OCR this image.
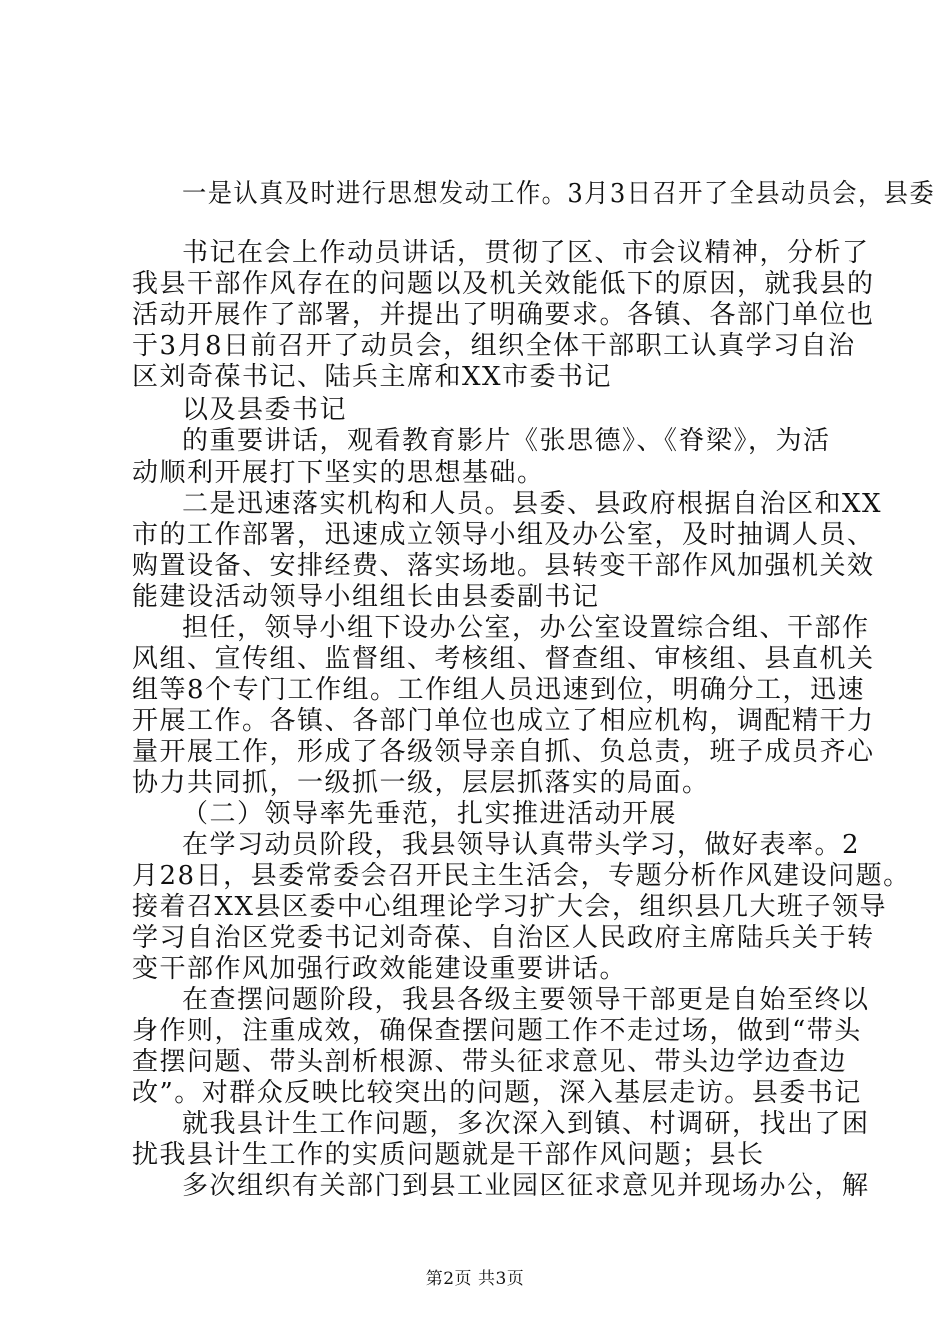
一是认真及时进行思想发动工作。3月3日召开了全县动员会，县委
书记在会上作动员讲话，贯彻了区、市会议精神，分析了
我县干部作风存在的问题以及机关效能低下的原因，就我县的
活动开展作了部署，并提出了明确要求。各镇、各部门单位也
于3月8日前召开了动员会，组织全体干部职工认真学习自治
区刘奇葆书记、陆兵主席和XX市委书记
以及县委书记
的重要讲话，观看教育影片《张思德》、《脊梁》，为活
动顺利开展打下坚实的思想基础。
二是迅速落实机构和人员。县委、县政府根据自治区和XX
市的工作部署，迅速成立领导小组及办公室，及时抽调人员、
购置设备、安排经费、落实场地。县转变干部作风加强机关效
能建设活动领导小组组长由县委副书记
担任，领导小组下设办公室，办公室设置综合组、干部作
风组、宣传组、监督组、考核组、督查组、审核组、县直机关
组等8个专门工作组。工作组人员迅速到位，明确分工，迅速
开展工作。各镇、各部门单位也成立了相应机构，调配精干力
量开展工作，形成了各级领导亲自抓、负总责，班子成员齐心
协力共同抓，一级抓一级，层层抓落实的局面。
（二）领导率先垂范，扎实推进活动开展
在学习动员阶段，我县领导认真带头学习，做好表率。2
月28日，县委常委会召开民主生活会，专题分析作风建设问题。
接着召XX县区委中心组理论学习扩大会，组织县几大班子领导
学习自治区党委书记刘奇葆、自治区人民政府主席陆兵关于转
变干部作风加强行政效能建设重要讲话。
在查摆问题阶段，我县各级主要领导干部更是自始至终以
身作则，注重成效，确保查摆问题工作不走过场，做到“带头
查摆问题、带头剖析根源、带头征求意见、带头边学边查边
改”。对群众反映比较突出的问题，深入基层走访。县委书记
就我县计生工作问题，多次深入到镇、村调研，找出了困
扰我县计生工作的实质问题就是干部作风问题；县长
多次组织有关部门到县工业园区征求意见并现场办公，解
第2页 共3页
